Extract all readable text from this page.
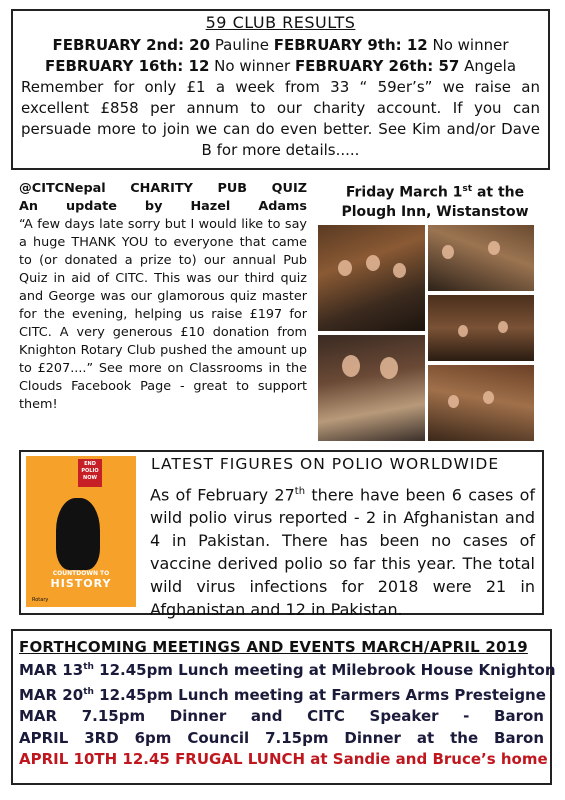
59 CLUB RESULTS
FEBRUARY 2nd: 20 Pauline FEBRUARY 9th: 12 No winner
FEBRUARY 16th: 12 No winner FEBRUARY 26th: 57 Angela
Remember for only £1 a week from 33 “ 59er’s” we raise an excellent £858 per annum to our charity account. If you can persuade more to join we can do even better. See Kim and/or Dave B for more details.....
@CITCNepal CHARITY PUB QUIZ
An update by Hazel Adams
“A few days late sorry but I would like to say a huge THANK YOU to everyone that came to (or donated a prize to) our annual Pub Quiz in aid of CITC. This was our third quiz and George was our glamorous quiz master for the evening, helping us raise £197 for CITC. A very generous £10 donation from Knighton Rotary Club pushed the amount up to £207....” See more on Classrooms in the Clouds Facebook Page - great to support them!
Friday March 1st at the Plough Inn, Wistanstow
END POLIO NOW
COUNTDOWN TO
HISTORY
Rotary
LATEST FIGURES ON POLIO WORLDWIDE
As of February 27th there have been 6 cases of wild polio virus reported - 2 in Afghanistan and 4 in Pakistan. There has been no cases of vaccine derived polio so far this year. The total wild virus infections for 2018 were 21 in Afghanistan and 12 in Pakistan.
FORTHCOMING MEETINGS AND EVENTS MARCH/APRIL 2019
MAR 13th 12.45pm Lunch meeting at Milebrook House Knighton
MAR 20th 12.45pm Lunch meeting at Farmers Arms Presteigne
MAR 7.15pm Dinner and CITC Speaker - Baron
APRIL 3RD 6pm Council 7.15pm Dinner at the Baron
APRIL 10TH 12.45 FRUGAL LUNCH at Sandie and Bruce’s home
